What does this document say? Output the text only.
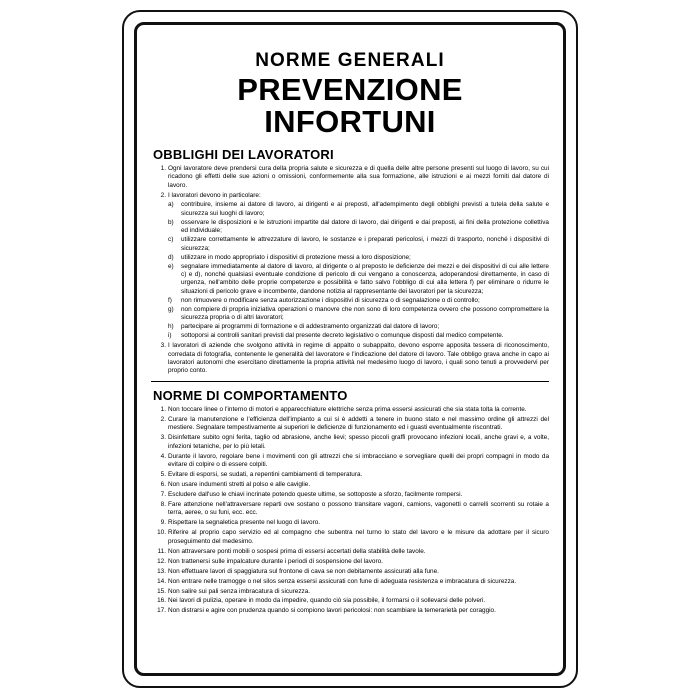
NORME GENERALI
PREVENZIONE INFORTUNI
OBBLIGHI DEI LAVORATORI
1. Ogni lavoratore deve prendersi cura della propria salute e sicurezza e di quella delle altre persone presenti sul luogo di lavoro, su cui ricadono gli effetti delle sue azioni o omissioni, conformemente alla sua formazione, alle istruzioni e ai mezzi forniti dal datore di lavoro.
2. I lavoratori devono in particolare:
a)	contribuire, insieme ai datore di lavoro, ai dirigenti e ai preposti, all'adempimento degli obblighi previsti a tutela della salute e sicurezza sui luoghi di lavoro;
b)	osservare le disposizioni e le istruzioni impartite dal datore di lavoro, dai dirigenti e dai preposti, ai fini della protezione collettiva ed individuale;
c)	utilizzare correttamente le attrezzature di lavoro, le sostanze e i preparati pericolosi, i mezzi di trasporto, nonché i dispositivi di sicurezza;
d)	utilizzare in modo appropriato i dispositivi di protezione messi a loro disposizione;
e)	segnalare immediatamente al datore di lavoro, al dirigente o al preposto le deficienze dei mezzi e dei dispositivi di cui alle lettere c) e d), nonché qualsiasi eventuale condizione di pericolo di cui vengano a conoscenza, adoperandosi direttamente, in caso di urgenza, nell'ambito delle proprie competenze e possibilità e fatto salvo l'obbligo di cui alla lettera f) per eliminare o ridurre le situazioni di pericolo grave e incombente, dandone notizia al rappresentante dei lavoratori per la sicurezza;
f)	non rimuovere o modificare senza autorizzazione i dispositivi di sicurezza o di segnalazione o di controllo;
g)	non compiere di propria iniziativa operazioni o manovre che non sono di loro competenza ovvero che possono compromettere la sicurezza propria o di altri lavoratori;
h)	partecipare ai programmi di formazione e di addestramento organizzati dal datore di lavoro;
i)	sottoporsi ai controlli sanitari previsti dal presente decreto legislativo o comunque disposti dal medico competente.
3. I lavoratori di aziende che svolgono attività in regime di appalto o subappalto, devono esporre apposita tessera di riconoscimento, corredata di fotografia, contenente le generalità del lavoratore e l'indicazione del datore di lavoro. Tale obbligo grava anche in capo ai lavoratori autonomi che esercitano direttamente la propria attività nel medesimo luogo di lavoro, i quali sono tenuti a provvedervi per proprio conto.
NORME DI COMPORTAMENTO
1. Non toccare linee o l'interno di motori e apparecchiature elettriche senza prima essersi assicurati che sia stata tolta la corrente.
2. Curare la manutenzione e l'efficienza dell'impianto a cui si è addetti a tenere in buono stato e nel massimo ordine gli attrezzi del mestiere. Segnalare tempestivamente ai superiori le deficienze di funzionamento ed i guasti eventualmente riscontrati.
3. Disinfettare subito ogni ferita, taglio od abrasione, anche lievi; spesso piccoli graffi provocano infezioni locali, anche gravi e, a volte, infezioni tetaniche, per lo più letali.
4. Durante il lavoro, regolare bene i movimenti con gli attrezzi che si imbracciano e sorvegliare quelli dei propri compagni in modo da evitare di colpire o di essere colpiti.
5. Evitare di esporsi, se sudati, a repentini cambiamenti di temperatura.
6. Non usare indumenti stretti al polso e alle caviglie.
7. Escludere dall'uso le chiavi incrinate potendo queste ultime, se sottoposte a sforzo, facilmente rompersi.
8. Fare attenzione nell'attraversare reparti ove sostano o possono transitare vagoni, camions, vagonetti o carrelli scorrenti su rotaie a terra, aeree, o su funi, ecc. ecc.
9. Rispettare la segnaletica presente nel luogo di lavoro.
10. Riferire al proprio capo servizio ed al compagno che subentra nel turno lo stato del lavoro e le misure da adottare per il sicuro proseguimento del medesimo.
11. Non attraversare ponti mobili o sospesi prima di essersi accertati della stabilità delle tavole.
12. Non trattenersi sulle impalcature durante i periodi di sospensione del lavoro.
13. Non effettuare lavori di spaggiatura sul frontone di cava se non debitamente assicurati alla fune.
14. Non entrare nelle tramogge o nel silos senza essersi assicurati con fune di adeguata resistenza e imbracatura di sicurezza.
15. Non salire sui pali senza imbracatura di sicurezza.
16. Nei lavori di pulizia, operare in modo da impedire, quando ciò sia possibile, il formarsi o il sollevarsi delle polveri.
17. Non distrarsi e agire con prudenza quando si compiono lavori pericolosi: non scambiare la temerarietà per coraggio.
